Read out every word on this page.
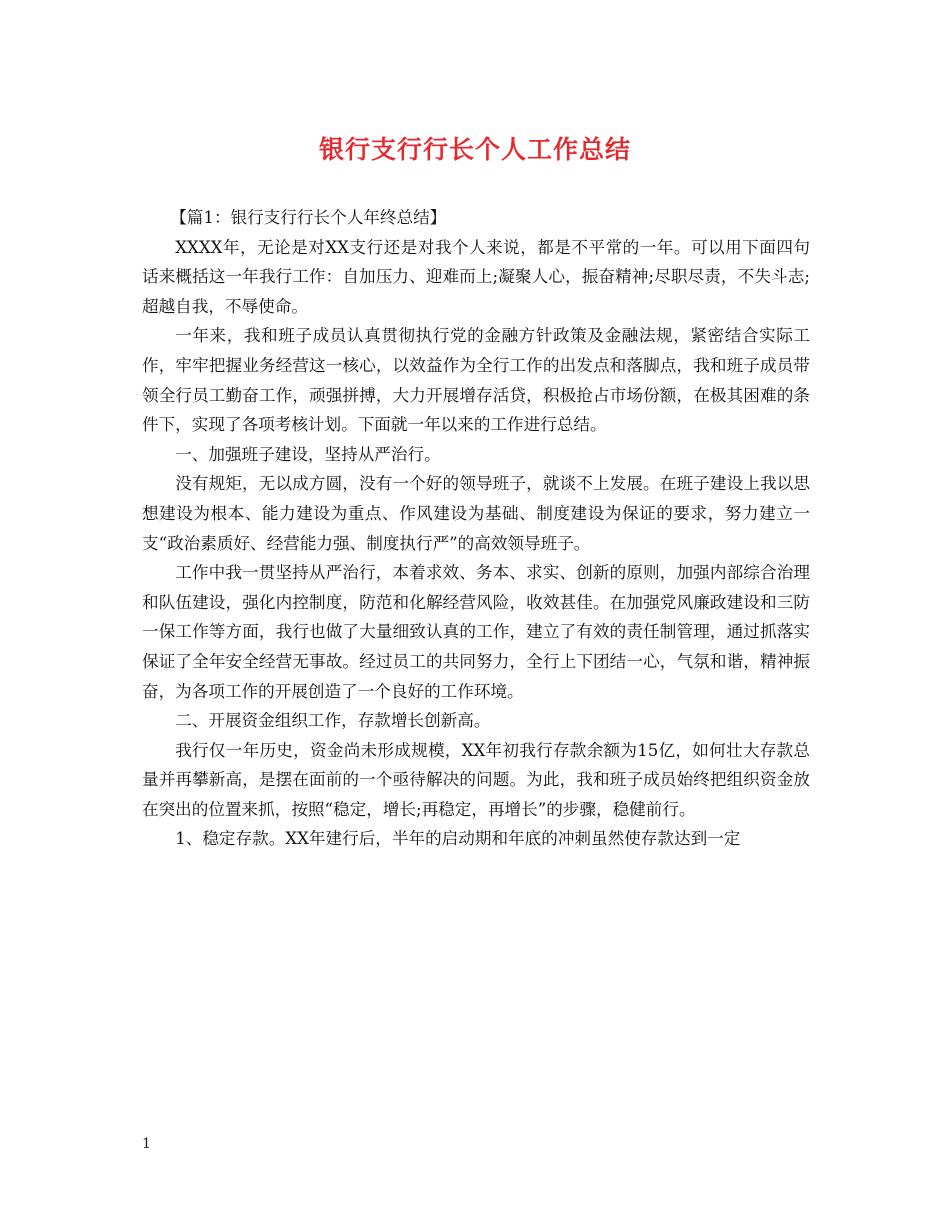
银行支行行长个人工作总结

【篇1：银行支行行长个人年终总结】

XXXX年，无论是对XX支行还是对我个人来说，都是不平常的一年。可以用下面四句话来概括这一年我行工作：自加压力、迎难而上;凝聚人心，振奋精神;尽职尽责，不失斗志;超越自我，不辱使命。

一年来，我和班子成员认真贯彻执行党的金融方针政策及金融法规，紧密结合实际工作，牢牢把握业务经营这一核心，以效益作为全行工作的出发点和落脚点，我和班子成员带领全行员工勤奋工作，顽强拼搏，大力开展增存活贷，积极抢占市场份额，在极其困难的条件下，实现了各项考核计划。下面就一年以来的工作进行总结。

一、加强班子建设，坚持从严治行。

没有规矩，无以成方圆，没有一个好的领导班子，就谈不上发展。在班子建设上我以思想建设为根本、能力建设为重点、作风建设为基础、制度建设为保证的要求，努力建立一支“政治素质好、经营能力强、制度执行严”的高效领导班子。

工作中我一贯坚持从严治行，本着求效、务本、求实、创新的原则，加强内部综合治理和队伍建设，强化内控制度，防范和化解经营风险，收效甚佳。在加强党风廉政建设和三防一保工作等方面，我行也做了大量细致认真的工作，建立了有效的责任制管理，通过抓落实保证了全年安全经营无事故。经过员工的共同努力，全行上下团结一心，气氛和谐，精神振奋，为各项工作的开展创造了一个良好的工作环境。

二、开展资金组织工作，存款增长创新高。

我行仅一年历史，资金尚未形成规模，XX年初我行存款余额为15亿，如何壮大存款总量并再攀新高，是摆在面前的一个亟待解决的问题。为此，我和班子成员始终把组织资金放在突出的位置来抓，按照“稳定，增长;再稳定，再增长”的步骤，稳健前行。

1、稳定存款。XX年建行后，半年的启动期和年底的冲刺虽然使存款达到一定

1
